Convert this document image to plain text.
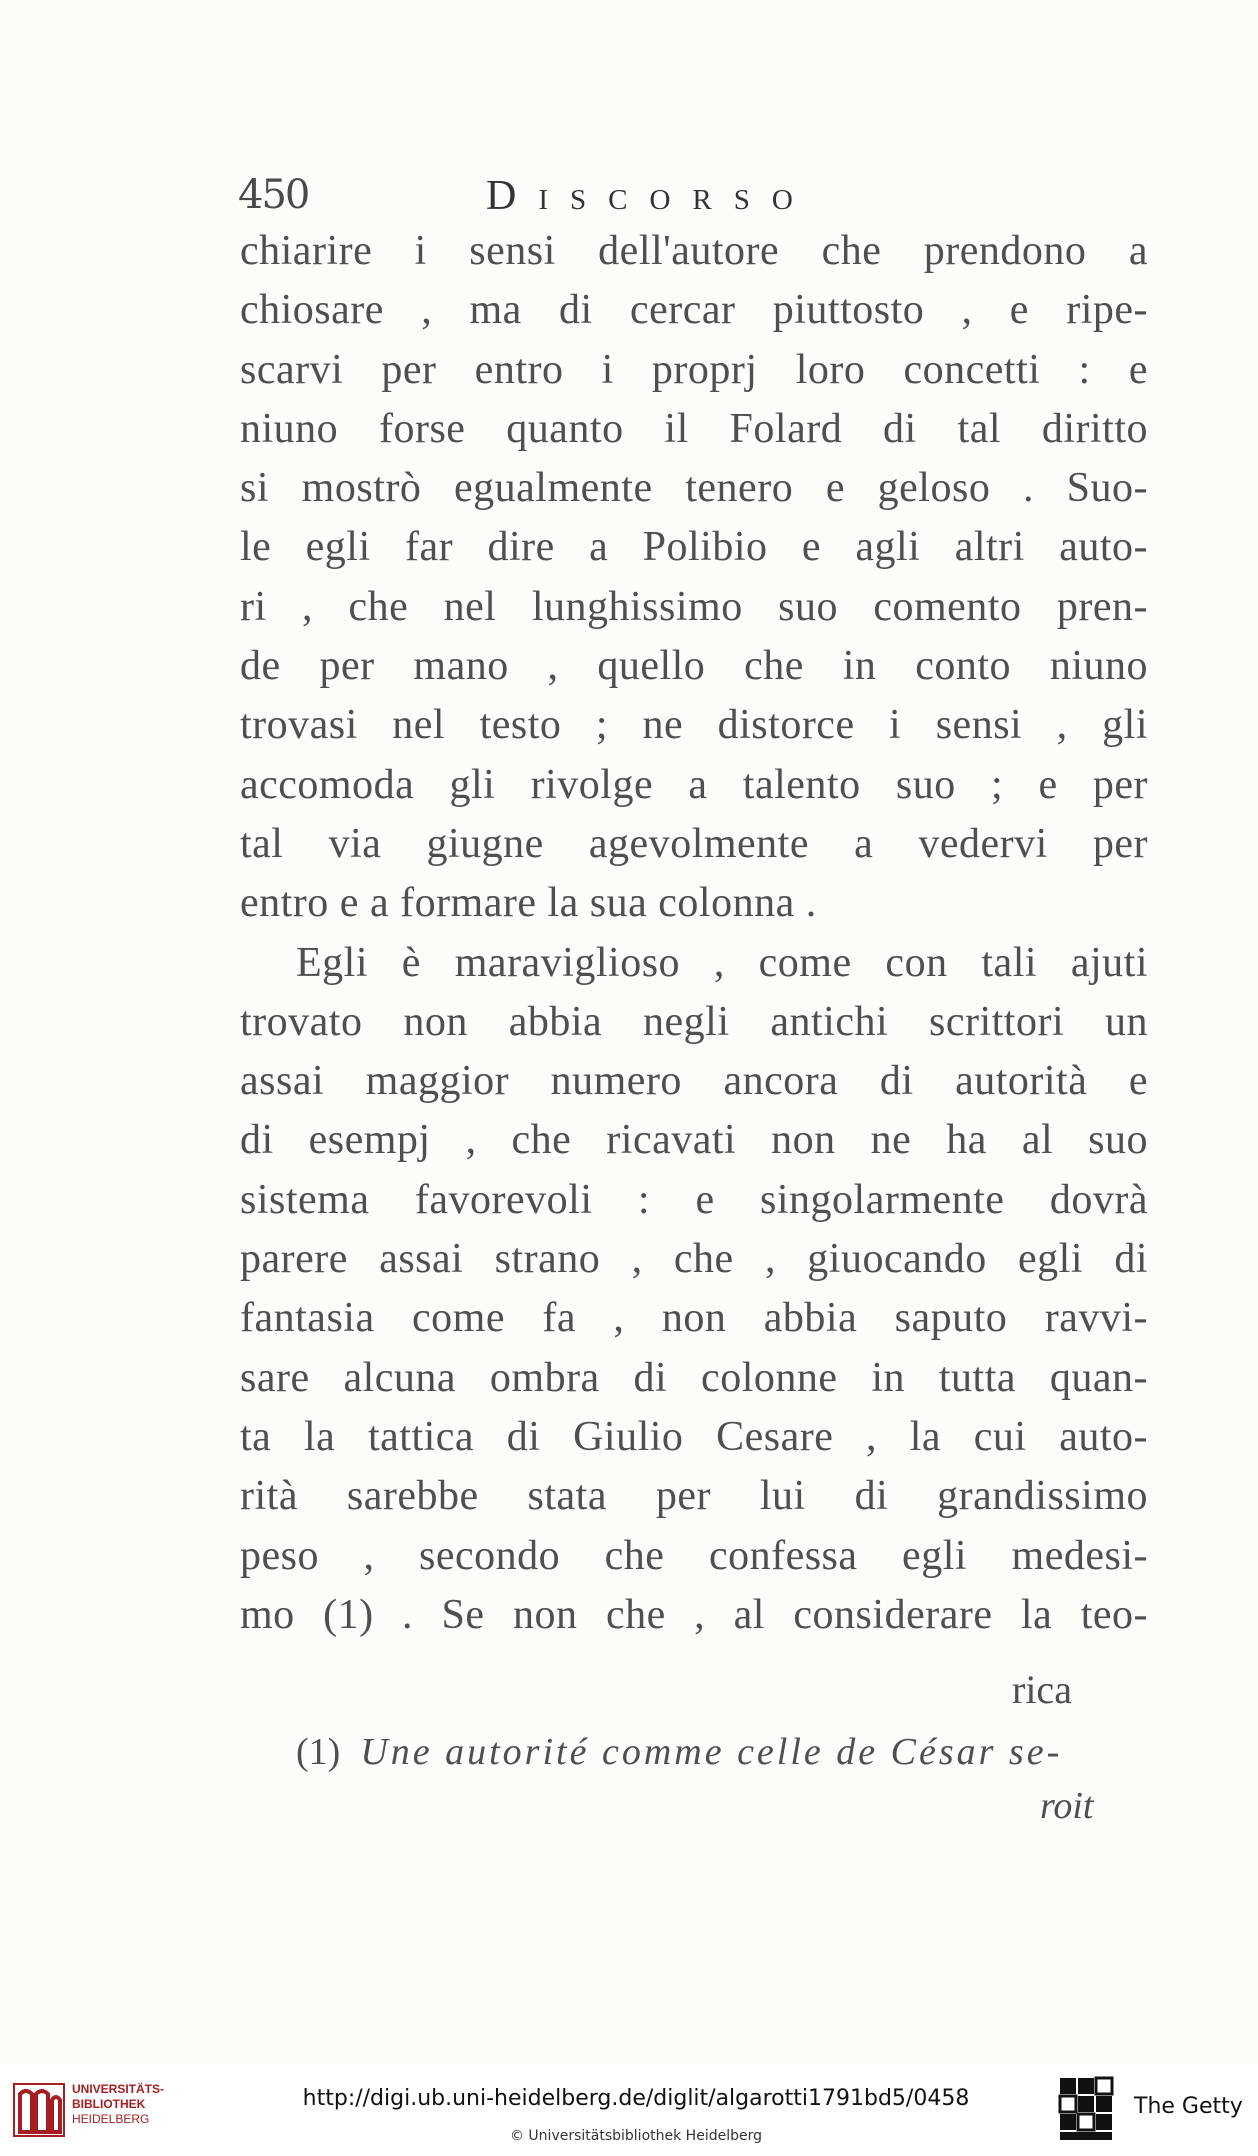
450	Discorso
chiarire i sensi dell'autore che prendono a
chiosare , ma di cercar piuttosto , e ripe-
scarvi per entro i proprj loro concetti : e
niuno forse quanto il Folard di tal diritto
si mostrò egualmente tenero e geloso . Suo-
le egli far dire a Polibio e agli altri auto-
ri , che nel lunghissimo suo comento pren-
de per mano , quello che in conto niuno
trovasi nel testo ; ne distorce i sensi , gli
accomoda gli rivolge a talento suo ; e per
tal via giugne agevolmente a vedervi per
entro e a formare la sua colonna .
Egli è maraviglioso , come con tali ajuti
trovato non abbia negli antichi scrittori un
assai maggior numero ancora di autorità e
di esempj , che ricavati non ne ha al suo
sistema favorevoli : e singolarmente dovrà
parere assai strano , che , giuocando egli di
fantasia come fa , non abbia saputo ravvi-
sare alcuna ombra di colonne in tutta quan-
ta la tattica di Giulio Cesare , la cui auto-
rità sarebbe stata per lui di grandissimo
peso , secondo che confessa egli medesi-
mo (1) . Se non che , al considerare la teo-
rica
(1) Une autorité comme celle de César se-
roit
UNIVERSITÄTS-
BIBLIOTHEK
HEIDELBERG
http://digi.ub.uni-heidelberg.de/diglit/algarotti1791bd5/0458
© Universitätsbibliothek Heidelberg
The Getty
